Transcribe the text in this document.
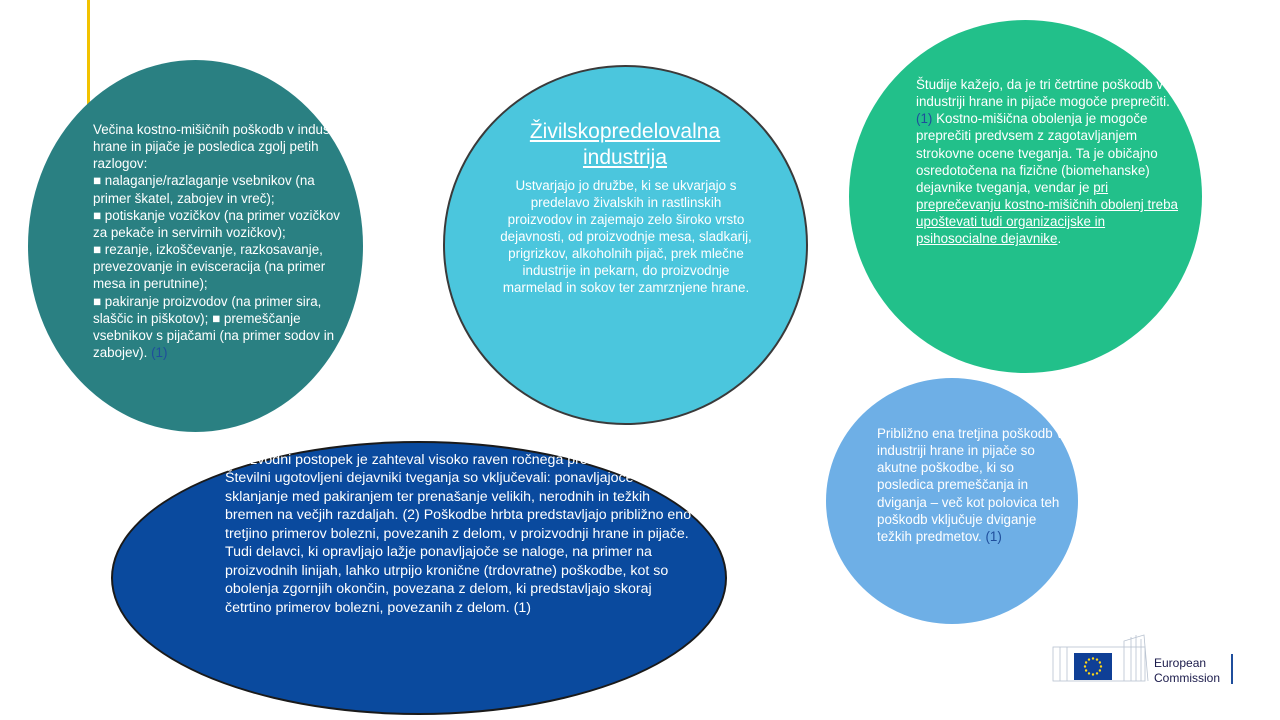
Večina kostno-mišičnih poškodb v industriji hrane in pijače je posledica zgolj petih razlogov:
■ nalaganje/razlaganje vsebnikov (na primer škatel, zabojev in vreč);
■ potiskanje vozičkov (na primer vozičkov za pekače in servirnih vozičkov);
■ rezanje, izkoščevanje, razkosavanje, prevezovanje in evisceracija (na primer mesa in perutnine);
■ pakiranje proizvodov (na primer sira, slaščic in piškotov); ■ premeščanje vsebnikov s pijačami (na primer sodov in zabojev). (1)
Živilskopredelovalna industrija
Ustvarjajo jo družbe, ki se ukvarjajo s predelavo živalskih in rastlinskih proizvodov in zajemajo zelo široko vrsto dejavnosti, od proizvodnje mesa, sladkarij, prigrizkov, alkoholnih pijač, prek mlečne industrije in pekarn, do proizvodnje marmelad in sokov ter zamrznjene hrane.
Študije kažejo, da je tri četrtine poškodb v industriji hrane in pijače mogoče preprečiti. (1) Kostno-mišična obolenja je mogoče preprečiti predvsem z zagotavljanjem strokovne ocene tveganja. Ta je običajno osredotočena na fizične (biomehanske) dejavnike tveganja, vendar je pri preprečevanju kostno-mišičnih obolenj treba upoštevati tudi organizacijske in psihosocialne dejavnike.
Proizvodni postopek je zahteval visoko raven ročnega premeščanja. Številni ugotovljeni dejavniki tveganja so vključevali: ponavljajoče se sklanjanje med pakiranjem ter prenašanje velikih, nerodnih in težkih bremen na večjih razdaljah. (2) Poškodbe hrbta predstavljajo približno eno tretjino primerov bolezni, povezanih z delom, v proizvodnji hrane in pijače. Tudi delavci, ki opravljajo lažje ponavljajoče se naloge, na primer na proizvodnih linijah, lahko utrpijo kronične (trdovratne) poškodbe, kot so obolenja zgornjih okončin, povezana z delom, ki predstavljajo skoraj četrtino primerov bolezni, povezanih z delom. (1)
Približno ena tretjina poškodb v industriji hrane in pijače so akutne poškodbe, ki so posledica premeščanja in dviganja – več kot polovica teh poškodb vključuje dviganje težkih predmetov. (1)
European
Commission
